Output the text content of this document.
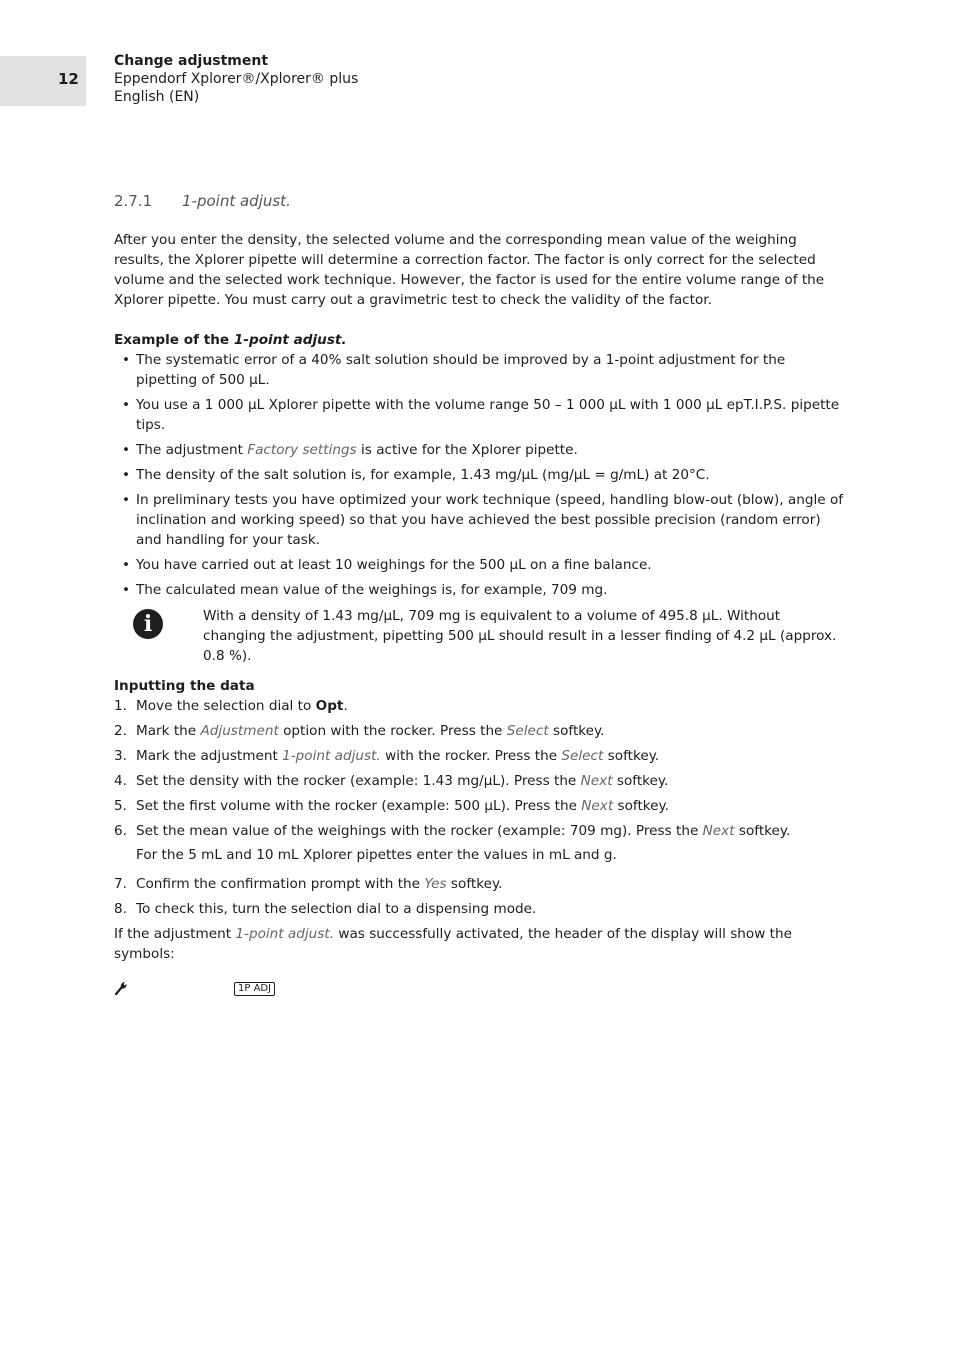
12
Change adjustment
Eppendorf Xplorer®/Xplorer® plus
English (EN)
2.7.1 1-point adjust.

After you enter the density, the selected volume and the corresponding mean value of the weighing results, the Xplorer pipette will determine a correction factor. The factor is only correct for the selected volume and the selected work technique. However, the factor is used for the entire volume range of the Xplorer pipette. You must carry out a gravimetric test to check the validity of the factor.

Example of the 1-point adjust.

• The systematic error of a 40% salt solution should be improved by a 1-point adjustment for the pipetting of 500 µL.
• You use a 1 000 µL Xplorer pipette with the volume range 50 – 1 000 µL with 1 000 µL epT.I.P.S. pipette tips.
• The adjustment Factory settings is active for the Xplorer pipette.
• The density of the salt solution is, for example, 1.43 mg/µL (mg/µL = g/mL) at 20°C.
• In preliminary tests you have optimized your work technique (speed, handling blow-out (blow), angle of inclination and working speed) so that you have achieved the best possible precision (random error) and handling for your task.
• You have carried out at least 10 weighings for the 500 µL on a fine balance.
• The calculated mean value of the weighings is, for example, 709 mg.
i	With a density of 1.43 mg/µL, 709 mg is equivalent to a volume of 495.8 µL. Without changing the adjustment, pipetting 500 µL should result in a lesser finding of 4.2 µL (approx. 0.8 %).

Inputting the data

1. Move the selection dial to Opt.
2. Mark the Adjustment option with the rocker. Press the Select softkey.
3. Mark the adjustment 1-point adjust. with the rocker. Press the Select softkey.
4. Set the density with the rocker (example: 1.43 mg/µL). Press the Next softkey.
5. Set the first volume with the rocker (example: 500 µL). Press the Next softkey.
6. Set the mean value of the weighings with the rocker (example: 709 mg). Press the Next softkey.

For the 5 mL and 10 mL Xplorer pipettes enter the values in mL and g.

7. Confirm the confirmation prompt with the Yes softkey.
8. To check this, turn the selection dial to a dispensing mode.

If the adjustment 1-point adjust. was successfully activated, the header of the display will show the symbols:

1P ADJ
